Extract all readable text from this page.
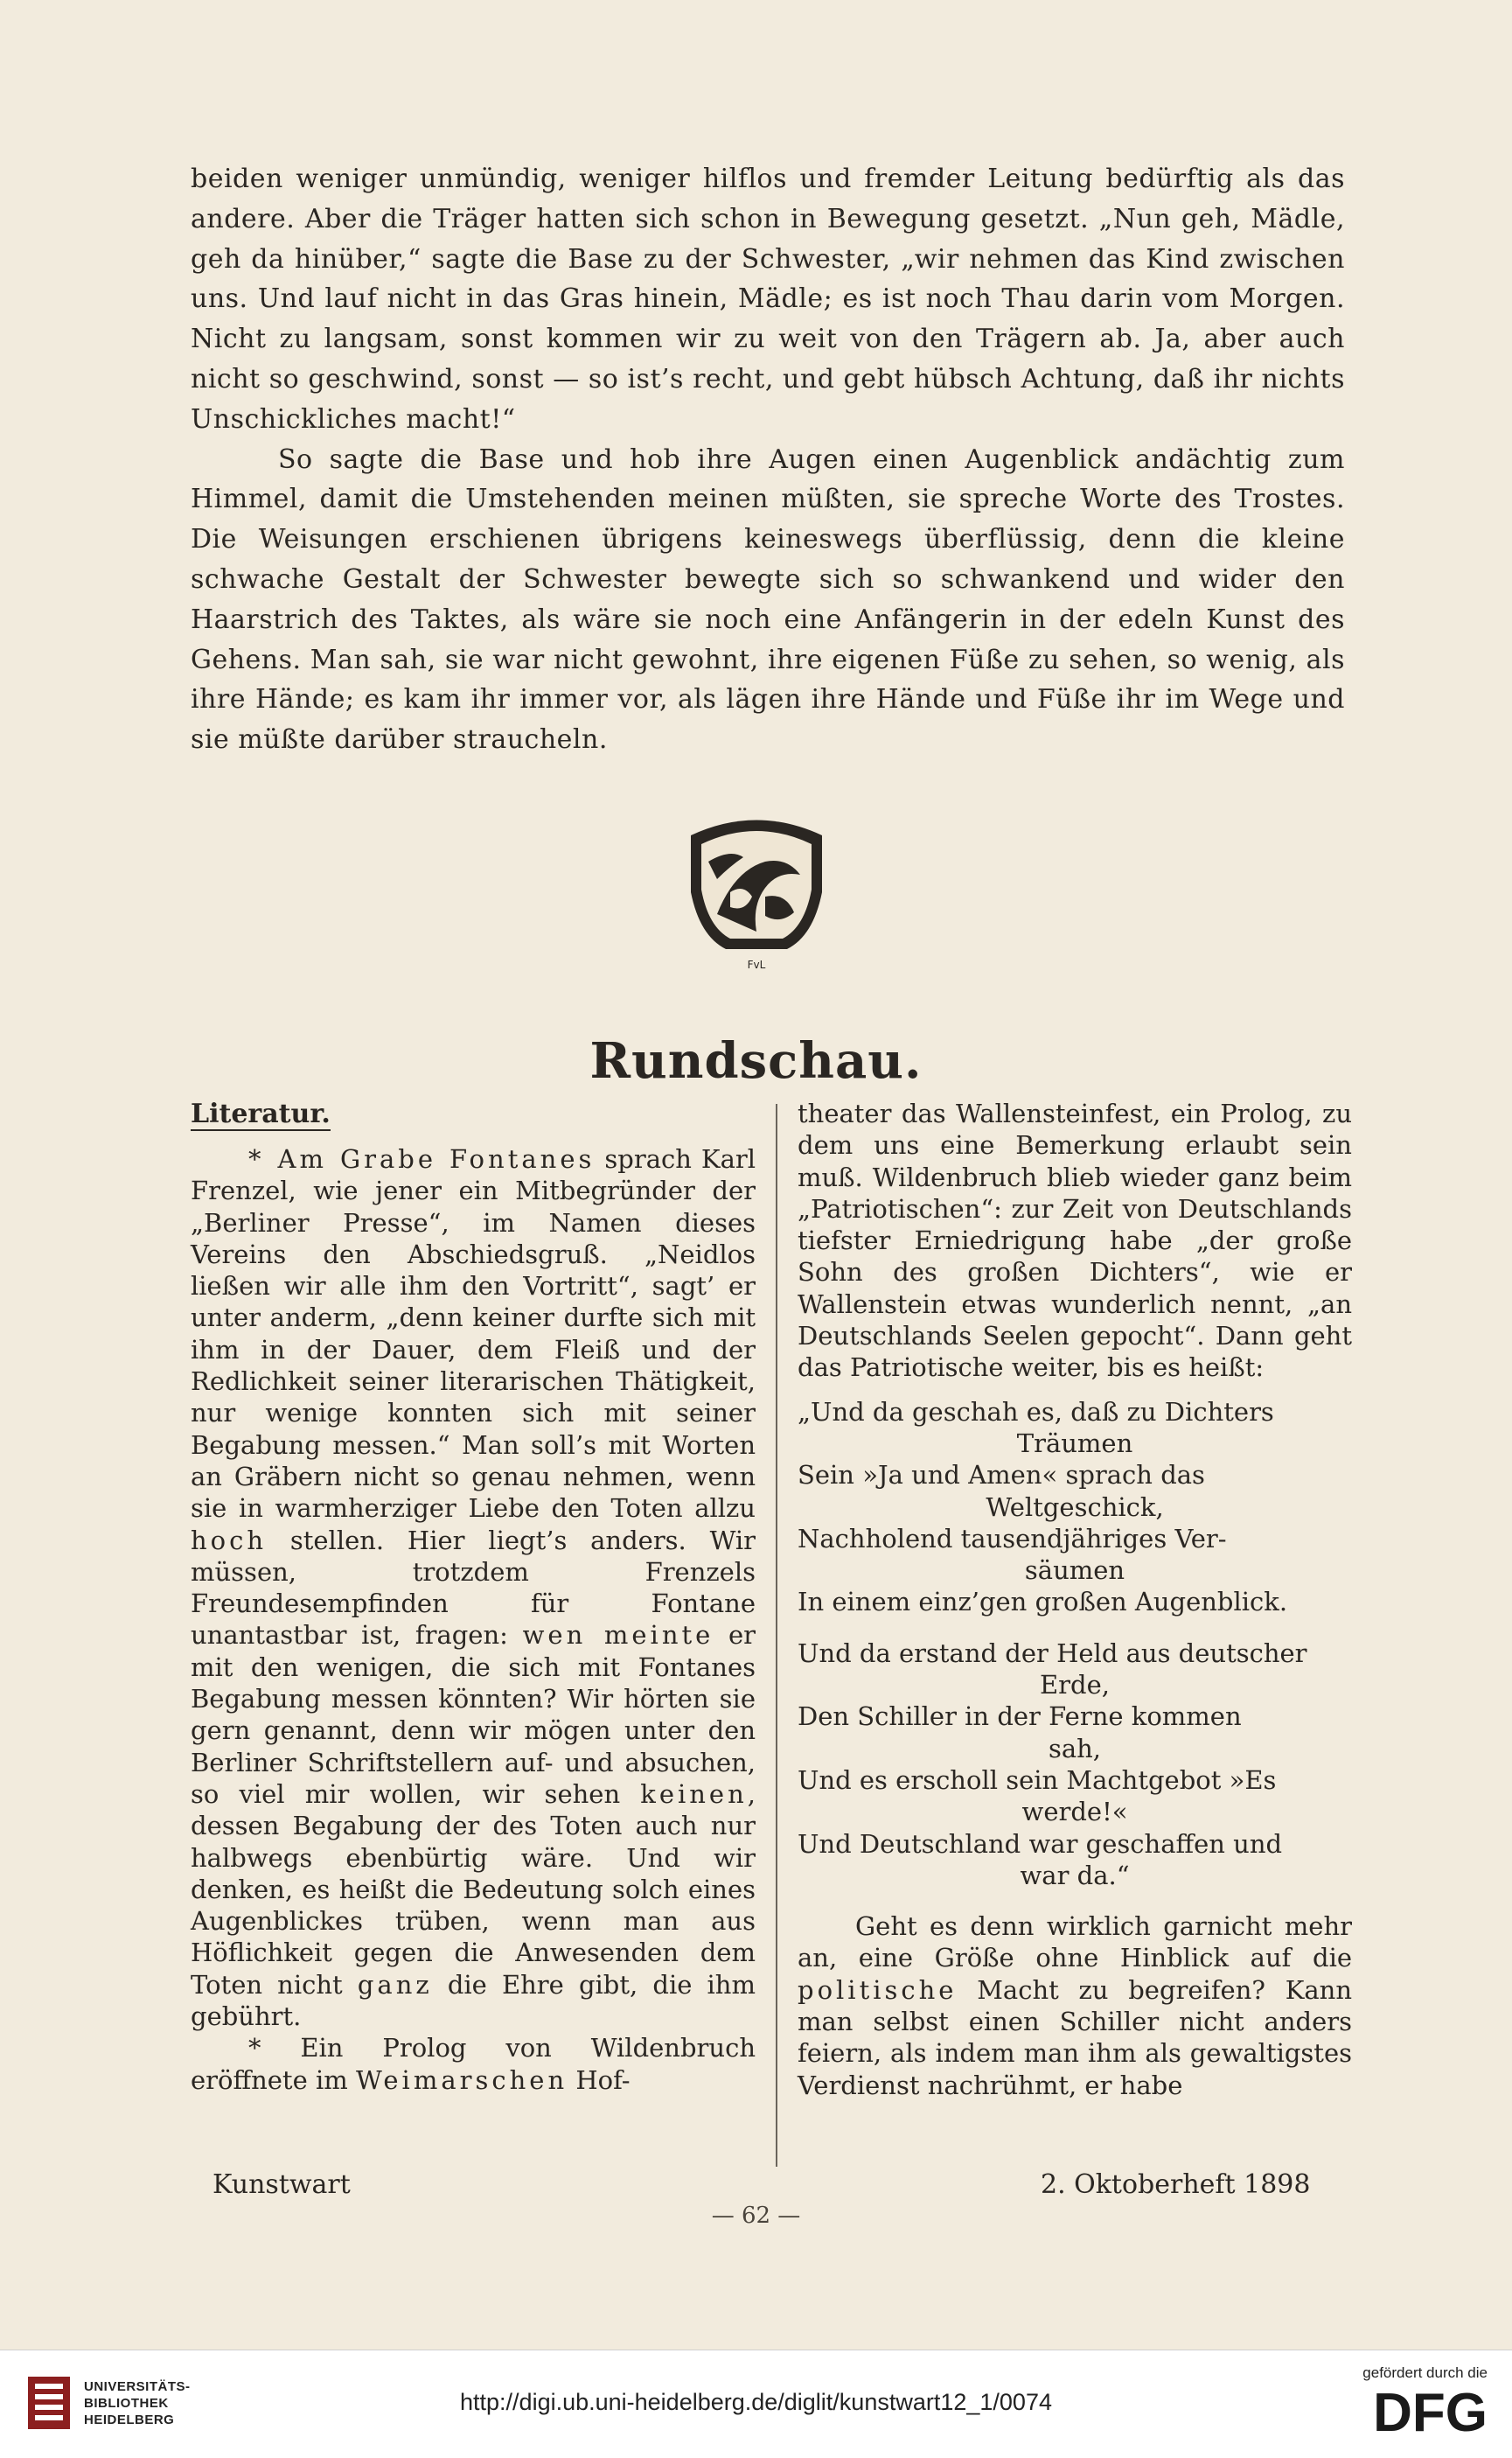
beiden weniger unmündig, weniger hilflos und fremder Leitung bedürftig als das andere. Aber die Träger hatten sich schon in Bewegung gesetzt. „Nun geh, Mädle, geh da hinüber,“ sagte die Base zu der Schwester, „wir nehmen das Kind zwischen uns. Und lauf nicht in das Gras hinein, Mädle; es ist noch Thau darin vom Morgen. Nicht zu langsam, sonst kommen wir zu weit von den Trägern ab. Ja, aber auch nicht so geschwind, sonst — so ist’s recht, und gebt hübsch Achtung, daß ihr nichts Unschickliches macht!“

So sagte die Base und hob ihre Augen einen Augenblick andächtig zum Himmel, damit die Umstehenden meinen müßten, sie spreche Worte des Trostes. Die Weisungen erschienen übrigens keineswegs überflüssig, denn die kleine schwache Gestalt der Schwester bewegte sich so schwankend und wider den Haarstrich des Taktes, als wäre sie noch eine Anfängerin in der edeln Kunst des Gehens. Man sah, sie war nicht gewohnt, ihre eigenen Füße zu sehen, so wenig, als ihre Hände; es kam ihr immer vor, als lägen ihre Hände und Füße ihr im Wege und sie müßte darüber straucheln.

FvL
Rundschau.

Literatur.

* Am Grabe Fontanes sprach Karl Frenzel, wie jener ein Mitbegründer der „Berliner Presse“, im Namen dieses Vereins den Abschiedsgruß. „Neidlos ließen wir alle ihm den Vortritt“, sagt’ er unter anderm, „denn keiner durfte sich mit ihm in der Dauer, dem Fleiß und der Redlichkeit seiner literarischen Thätigkeit, nur wenige konnten sich mit seiner Begabung messen.“ Man soll’s mit Worten an Gräbern nicht so genau nehmen, wenn sie in warmherziger Liebe den Toten allzu hoch stellen. Hier liegt’s anders. Wir müssen, trotzdem Frenzels Freundesempfinden für Fontane unantastbar ist, fragen: wen meinte er mit den wenigen, die sich mit Fontanes Begabung messen könnten? Wir hörten sie gern genannt, denn wir mögen unter den Berliner Schriftstellern auf- und absuchen, so viel mir wollen, wir sehen keinen, dessen Begabung der des Toten auch nur halbwegs ebenbürtig wäre. Und wir denken, es heißt die Bedeutung solch eines Augenblickes trüben, wenn man aus Höflichkeit gegen die Anwesenden dem Toten nicht ganz die Ehre gibt, die ihm gebührt.

* Ein Prolog von Wildenbruch eröffnete im Weimarschen Hof-

theater das Wallensteinfest, ein Prolog, zu dem uns eine Bemerkung erlaubt sein muß. Wildenbruch blieb wieder ganz beim „Patriotischen“: zur Zeit von Deutschlands tiefster Erniedrigung habe „der große Sohn des großen Dichters“, wie er Wallenstein etwas wunderlich nennt, „an Deutschlands Seelen gepocht“. Dann geht das Patriotische weiter, bis es heißt:

„Und da geschah es, daß zu Dichters
Träumen
Sein »Ja und Amen« sprach das
Weltgeschick,
Nachholend tausendjähriges Ver-
säumen
In einem einz’gen großen Augenblick.
Und da erstand der Held aus deutscher
Erde,
Den Schiller in der Ferne kommen
sah,
Und es erscholl sein Machtgebot »Es
werde!«
Und Deutschland war geschaffen und
war da.“

Geht es denn wirklich garnicht mehr an, eine Größe ohne Hinblick auf die politische Macht zu begreifen? Kann man selbst einen Schiller nicht anders feiern, als indem man ihm als gewaltigstes Verdienst nachrühmt, er habe

Kunstwart	2. Oktoberheft 1898
— 62 —
UNIVERSITÄTS-
BIBLIOTHEK
HEIDELBERG
http://digi.ub.uni-heidelberg.de/diglit/kunstwart12_1/0074
gefördert durch die
DFG
